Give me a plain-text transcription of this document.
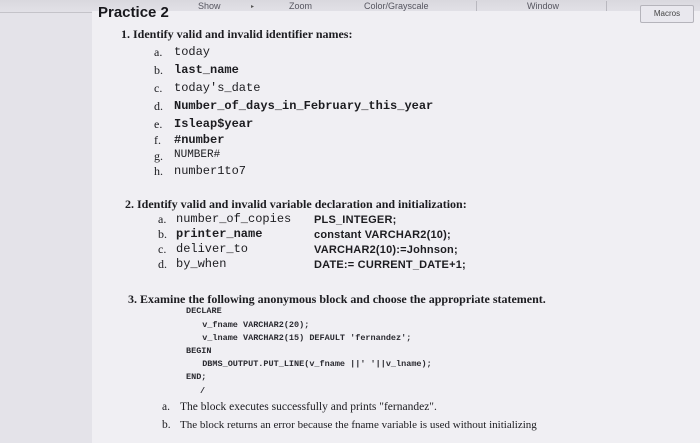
Show	▸	Zoom	Color/Grayscale	Window
Macros
Practice 2
1. Identify valid and invalid identifier names:
a. today
b. last_name
c. today's_date
d. Number_of_days_in_February_this_year
e. Isleap$year
f. #number
g. NUMBER#
h. number1to7
2. Identify valid and invalid variable declaration and initialization:
a. number_of_copies PLS_INTEGER;
b. printer_name	constant VARCHAR2(10);
c. deliver_to	VARCHAR2(10):=Johnson;
d. by_when	DATE:= CURRENT_DATE+1;
3. Examine the following anonymous block and choose the appropriate statement.
DECLARE
v_fname VARCHAR2(20);
v_lname VARCHAR2(15) DEFAULT 'fernandez';
BEGIN
DBMS_OUTPUT.PUT_LINE(v_fname ||' '||v_lname);
END;
/
a. The block executes successfully and prints "fernandez".
b. The block returns an error because the fname variable is used without initializing
